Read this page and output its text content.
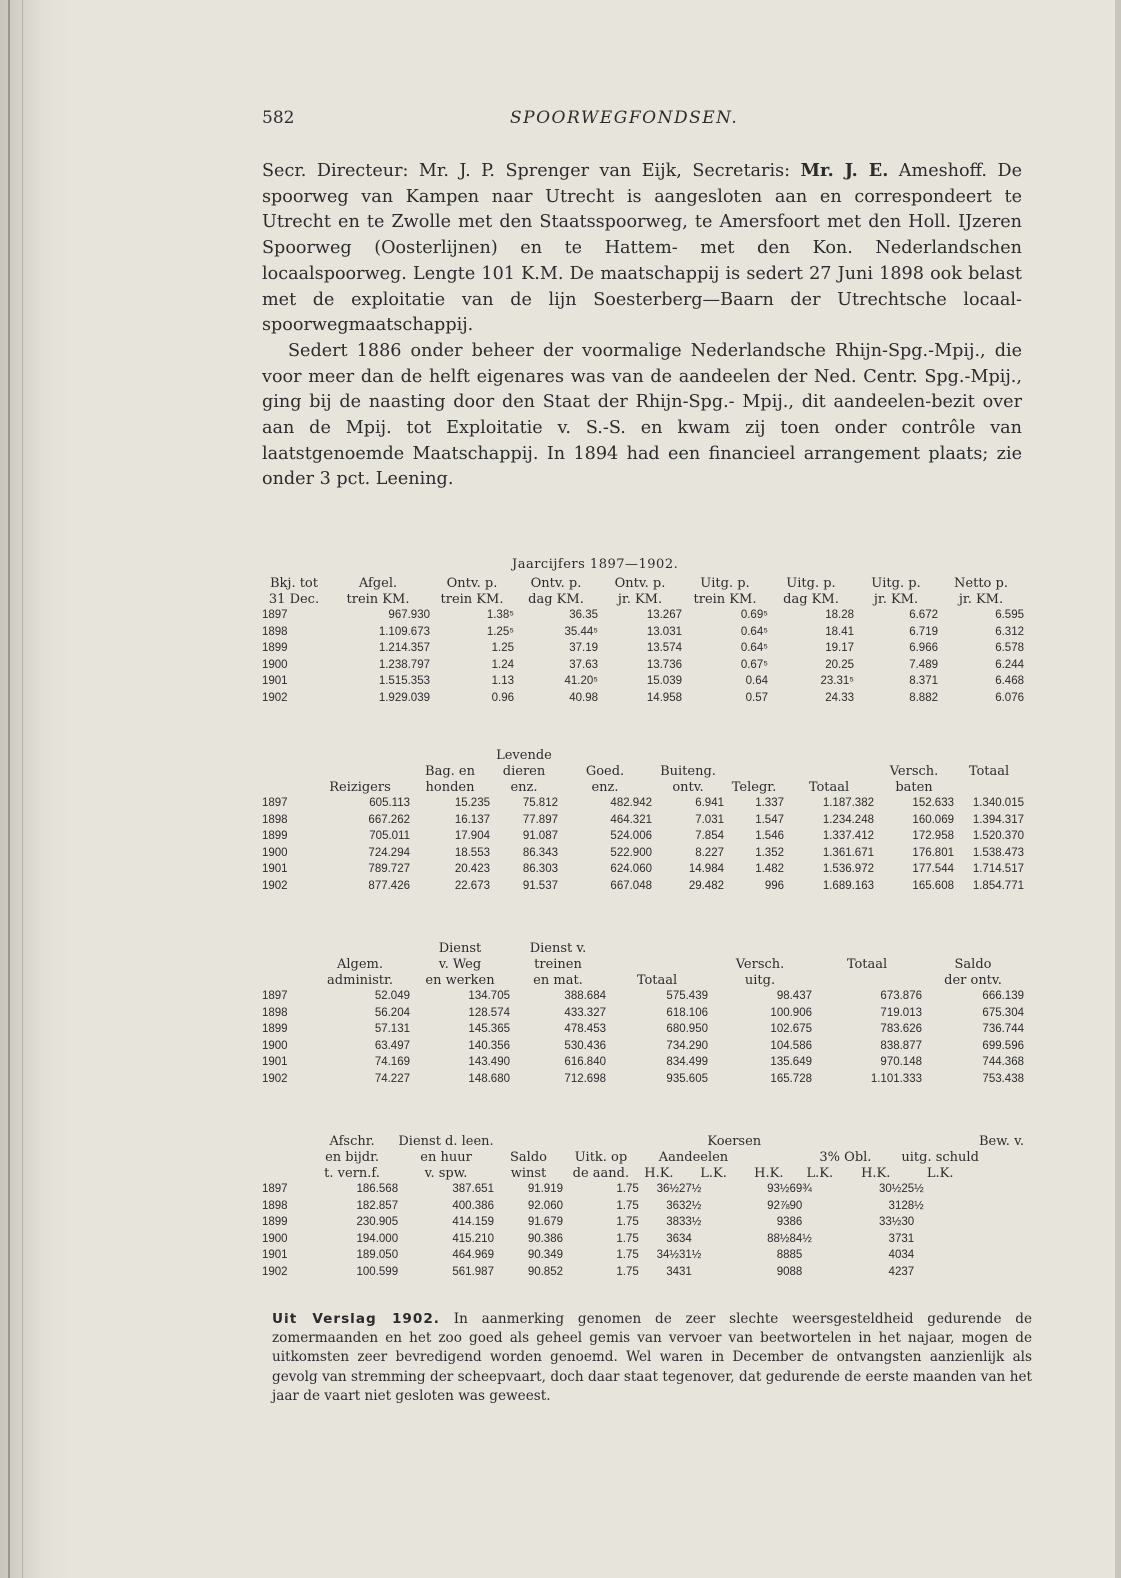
582	SPOORWEGFONDSEN.

Secr. Directeur: Mr. J. P. Sprenger van Eijk, Secretaris: Mr. J. E. Ameshoff. De spoorweg van Kampen naar Utrecht is aangesloten aan en correspondeert te Utrecht en te Zwolle met den Staatsspoorweg, te Amersfoort met den Holl. IJzeren Spoorweg (Oosterlijnen) en te Hattem- met den Kon. Nederlandschen locaalspoorweg. Lengte 101 K.M. De maatschappij is sedert 27 Juni 1898 ook belast met de exploitatie van de lijn Soesterberg—Baarn der Utrechtsche locaal-spoorwegmaatschappij.

Sedert 1886 onder beheer der voormalige Nederlandsche Rhijn-Spg.-Mpij., die voor meer dan de helft eigenares was van de aandeelen der Ned. Centr. Spg.-Mpij., ging bij de naasting door den Staat der Rhijn-Spg.- Mpij., dit aandeelen-bezit over aan de Mpij. tot Exploitatie v. S.-S. en kwam zij toen onder contrôle van laatstgenoemde Maatschappij. In 1894 had een financieel arrangement plaats; zie onder 3 pct. Leening.

Jaarcijfers 1897—1902.
Bkj. tot	Afgel.	Ontv. p.	Ontv. p.	Ontv. p.	Uitg. p.	Uitg. p.	Uitg. p.	Netto p.
31 Dec.	trein KM.	trein KM.	dag KM.	jr. KM.	trein KM.	dag KM.	jr. KM.	jr. KM.
1897	967.930	1.38⁵	36.35	13.267	0.69⁵	18.28	6.672	6.595
1898	1.109.673	1.25⁵	35.44⁵	13.031	0.64⁵	18.41	6.719	6.312
1899	1.214.357	1.25	37.19	13.574	0.64⁵	19.17	6.966	6.578
1900	1.238.797	1.24	37.63	13.736	0.67⁵	20.25	7.489	6.244
1901	1.515.353	1.13	41.20⁵	15.039	0.64	23.31⁵	8.371	6.468
1902	1.929.039	0.96	40.98	14.958	0.57	24.33	8.882	6.076
			Levende						
		Bag. en	dieren	Goed.	Buiteng.			Versch.	Totaal
	Reizigers	honden	enz.	enz.	ontv.	Telegr.	Totaal	baten	
1897	605.113	15.235	75.812	482.942	6.941	1.337	1.187.382	152.633	1.340.015
1898	667.262	16.137	77.897	464.321	7.031	1.547	1.234.248	160.069	1.394.317
1899	705.011	17.904	91.087	524.006	7.854	1.546	1.337.412	172.958	1.520.370
1900	724.294	18.553	86.343	522.900	8.227	1.352	1.361.671	176.801	1.538.473
1901	789.727	20.423	86.303	624.060	14.984	1.482	1.536.972	177.544	1.714.517
1902	877.426	22.673	91.537	667.048	29.482	996	1.689.163	165.608	1.854.771
		Dienst	Dienst v.				
	Algem.	v. Weg	treinen		Versch.	Totaal	Saldo
	administr.	en werken	en mat.	Totaal	uitg.		der ontv.
1897	52.049	134.705	388.684	575.439	98.437	673.876	666.139
1898	56.204	128.574	433.327	618.106	100.906	719.013	675.304
1899	57.131	145.365	478.453	680.950	102.675	783.626	736.744
1900	63.497	140.356	530.436	734.290	104.586	838.877	699.596
1901	74.169	143.490	616.840	834.499	135.649	970.148	744.368
1902	74.227	148.680	712.698	935.605	165.728	1.101.333	753.438
	Afschr.	Dienst d. leen.				Koersen					Bew. v.
	en bijdr.	en huur	Saldo	Uitk. op	Aandeelen			3% Obl.		uitg. schuld	
	t. vern.f.	v. spw.	winst	de aand.	H.K.	L.K.	H.K.	L.K.	H.K.	L.K.	
1897	186.568	387.651	91.919	1.75	36½	27½	93½	69¾	30½	25½	
1898	182.857	400.386	92.060	1.75	36	32½	92⅞	90	31	28½	
1899	230.905	414.159	91.679	1.75	38	33½	93	86	33½	30	
1900	194.000	415.210	90.386	1.75	36	34	88½	84½	37	31	
1901	189.050	464.969	90.349	1.75	34½	31½	88	85	40	34	
1902	100.599	561.987	90.852	1.75	34	31	90	88	42	37	
Uit Verslag 1902. In aanmerking genomen de zeer slechte weersgesteldheid gedurende de zomermaanden en het zoo goed als geheel gemis van vervoer van beetwortelen in het najaar, mogen de uitkomsten zeer bevredigend worden genoemd. Wel waren in December de ontvangsten aanzienlijk als gevolg van stremming der scheepvaart, doch daar staat tegenover, dat gedurende de eerste maanden van het jaar de vaart niet gesloten was geweest.
